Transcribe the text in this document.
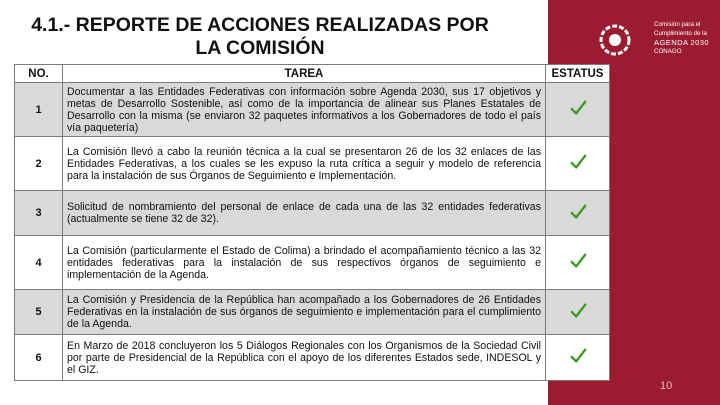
4.1.- REPORTE DE ACCIONES REALIZADAS POR
LA COMISIÓN
Comisión para el
Cumplimiento de la
AGENDA 2030
CONAGO
NO.	TAREA	ESTATUS
1	Documentar a las Entidades Federativas con información sobre Agenda 2030, sus 17 objetivos y metas de Desarrollo Sostenible, así como de la importancia de alinear sus Planes Estatales de Desarrollo con la misma (se enviaron 32 paquetes informativos a los Gobernadores de todo el país vía paquetería)	
2	La Comisión llevó a cabo la reunión técnica a la cual se presentaron 26 de los 32 enlaces de las Entidades Federativas, a los cuales se les expuso la ruta crítica a seguir y modelo de referencia para la instalación de sus Órganos de Seguimiento e Implementación.	
3	Solicitud de nombramiento del personal de enlace de cada una de las 32 entidades federativas (actualmente se tiene 32 de 32).	
4	La Comisión (particularmente el Estado de Colima) a brindado el acompañamiento técnico a las 32 entidades federativas para la instalación de sus respectivos órganos de seguimiento e implementación de la Agenda.	
5	La Comisión y Presidencia de la República han acompañado a los Gobernadores de 26 Entidades Federativas en la instalación de sus órganos de seguimiento e implementación para el cumplimiento de la Agenda.	
6	En Marzo de 2018 concluyeron los 5 Diálogos Regionales con los Organismos de la Sociedad Civil por parte de Presidencial de la República con el apoyo de los diferentes Estados sede, INDESOL y el GIZ.	
10
